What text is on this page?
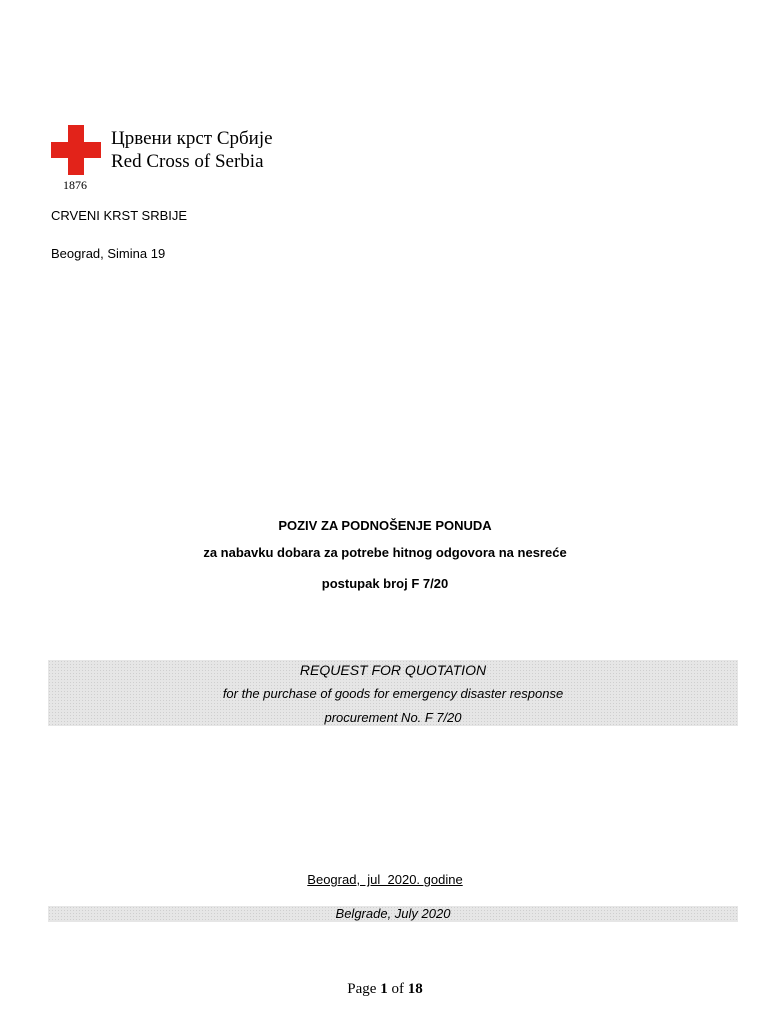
Црвени крст Србије
Red Cross of Serbia
1876
CRVENI KRST SRBIJE
Beograd, Simina 19
POZIV ZA PODNOŠENJE PONUDA
za nabavku dobara za potrebe hitnog odgovora na nesreće
postupak broj F 7/20
REQUEST FOR QUOTATION
for the purchase of goods for emergency disaster response
procurement No. F 7/20
Beograd,  jul  2020. godine
Belgrade, July 2020
Page 1 of 18
